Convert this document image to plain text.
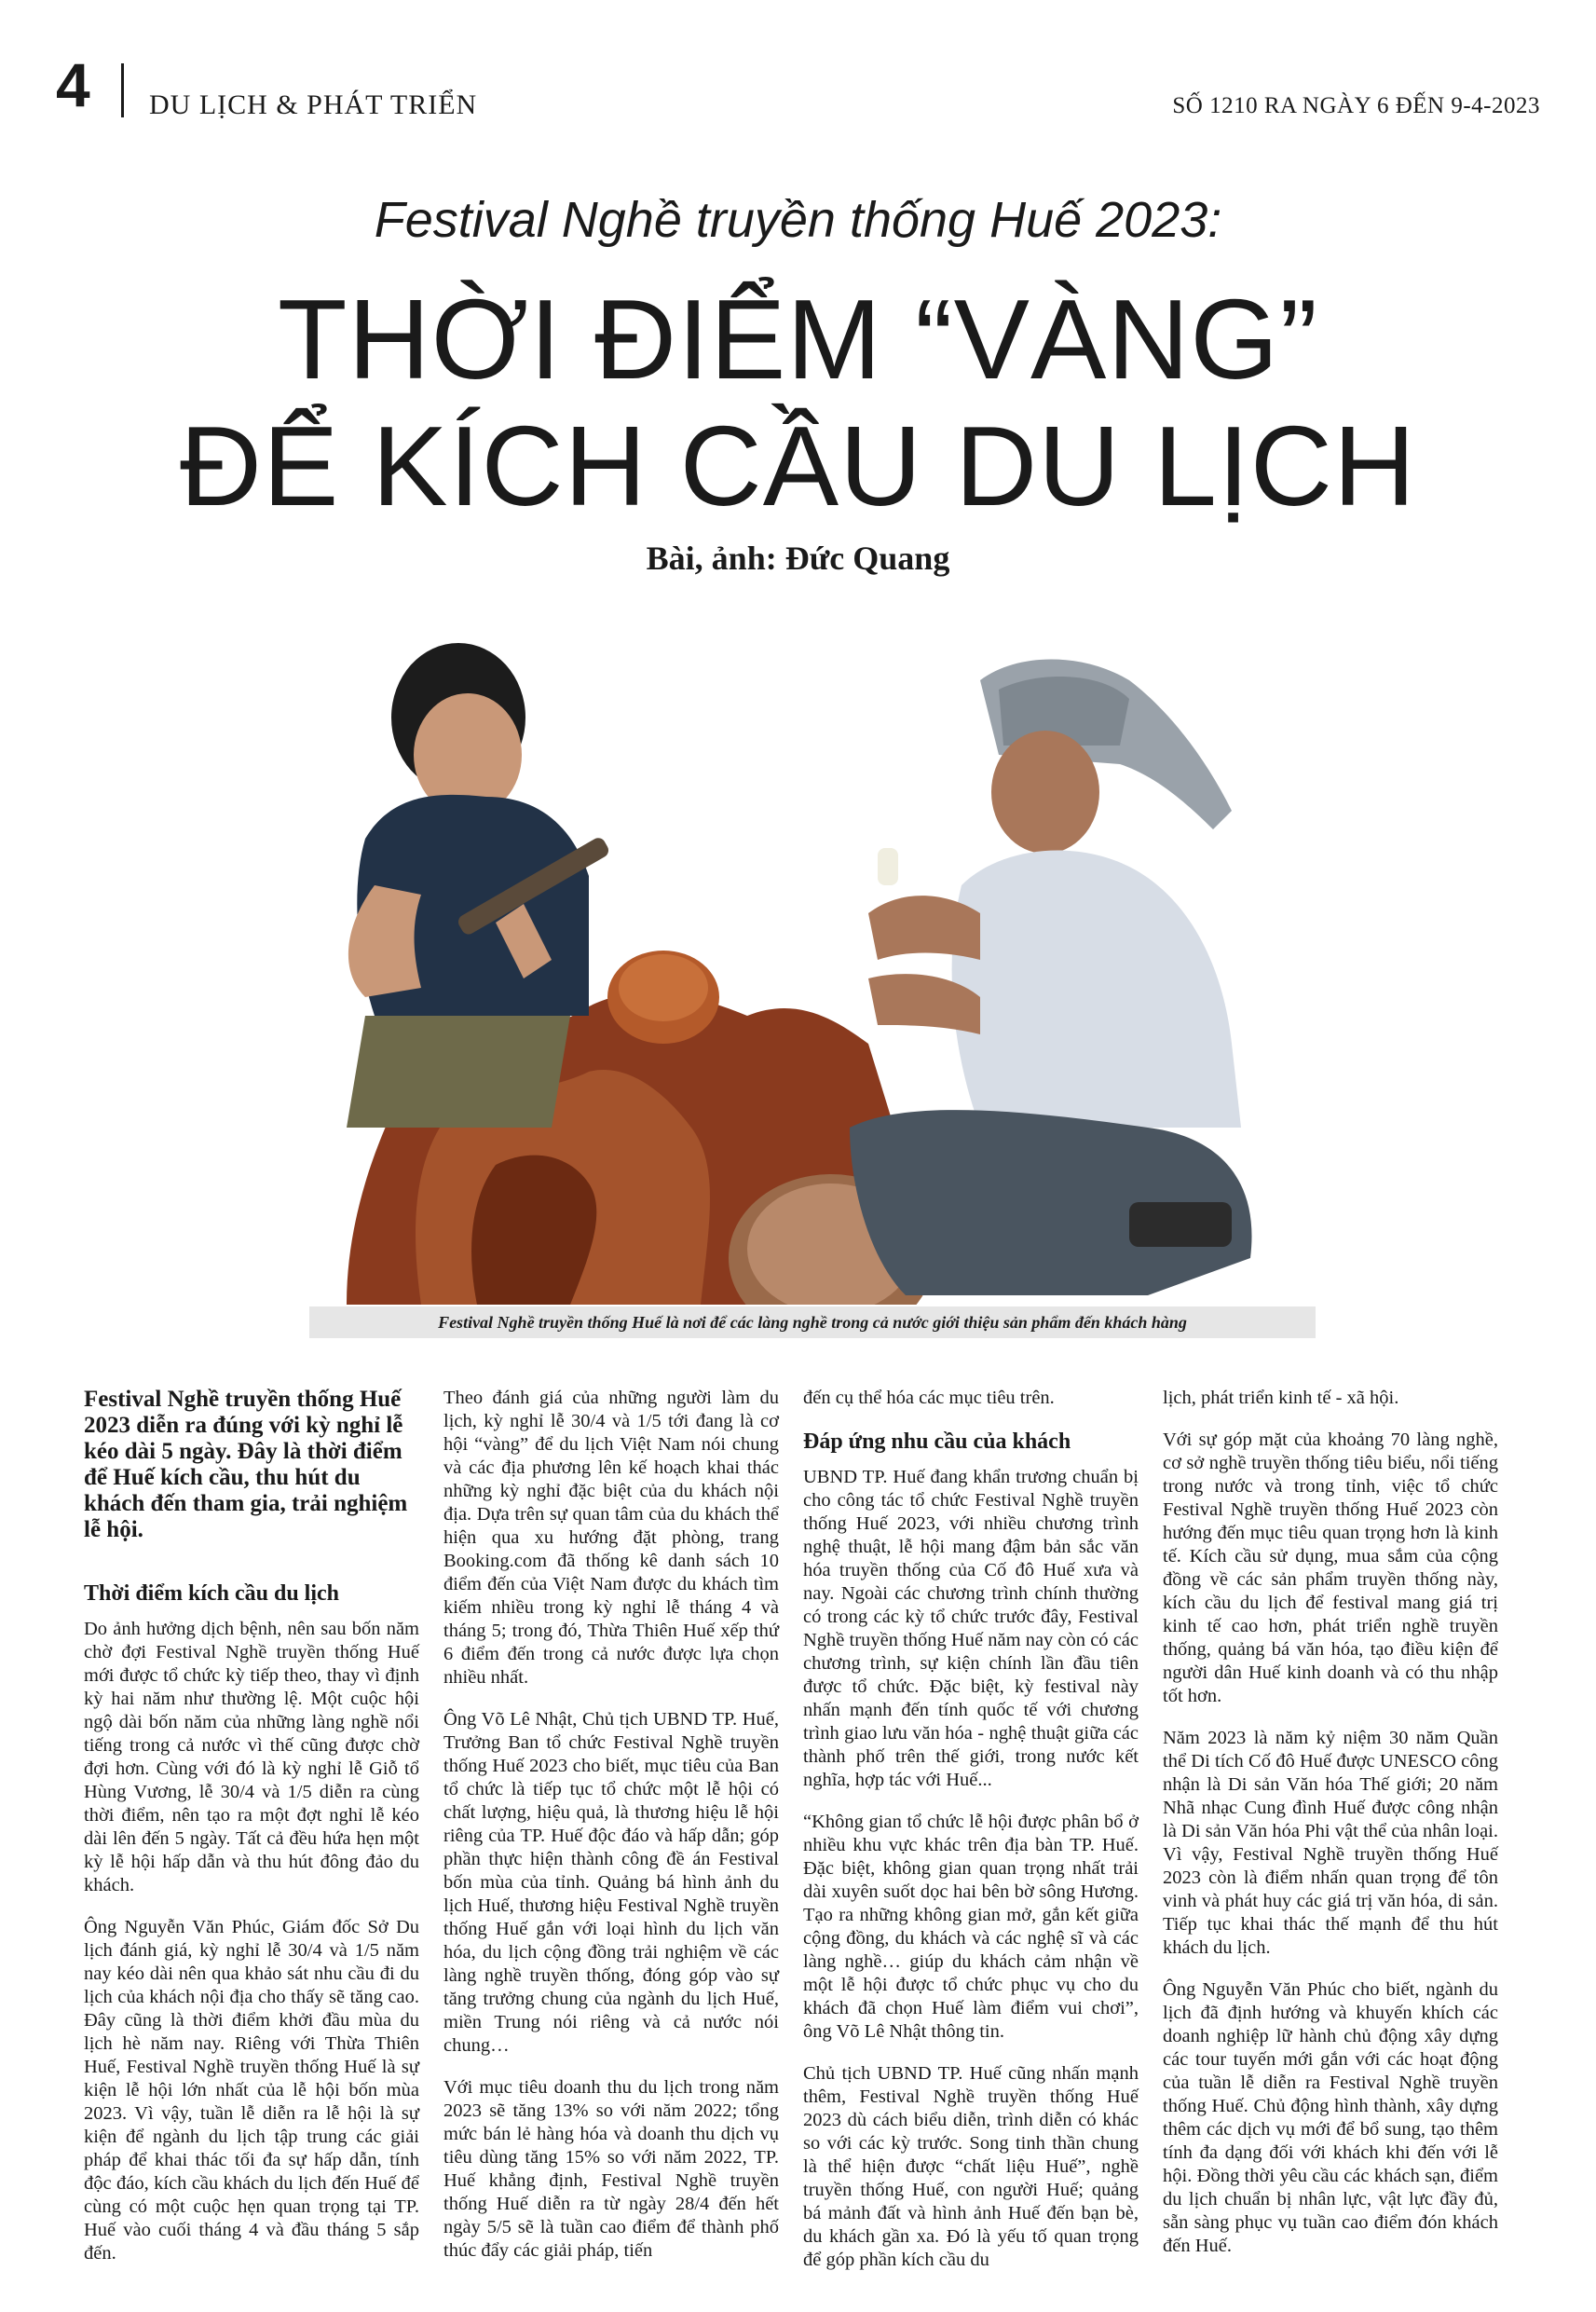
4 DU LỊCH & PHÁT TRIỂN	SỐ 1210 RA NGÀY 6 ĐẾN 9-4-2023
Festival Nghề truyền thống Huế 2023:
THỜI ĐIỂM “VÀNG”
ĐỂ KÍCH CẦU DU LỊCH
Bài, ảnh: Đức Quang
Festival Nghề truyền thống Huế là nơi để các làng nghề trong cả nước giới thiệu sản phẩm đến khách hàng

Festival Nghề truyền thống Huế 2023 diễn ra đúng với kỳ nghỉ lễ kéo dài 5 ngày. Đây là thời điểm để Huế kích cầu, thu hút du khách đến tham gia, trải nghiệm lễ hội.

Thời điểm kích cầu du lịch

Do ảnh hưởng dịch bệnh, nên sau bốn năm chờ đợi Festival Nghề truyền thống Huế mới được tổ chức kỳ tiếp theo, thay vì định kỳ hai năm như thường lệ. Một cuộc hội ngộ dài bốn năm của những làng nghề nổi tiếng trong cả nước vì thế cũng được chờ đợi hơn. Cùng với đó là kỳ nghỉ lễ Giỗ tổ Hùng Vương, lễ 30/4 và 1/5 diễn ra cùng thời điểm, nên tạo ra một đợt nghỉ lễ kéo dài lên đến 5 ngày. Tất cả đều hứa hẹn một kỳ lễ hội hấp dẫn và thu hút đông đảo du khách.

Ông Nguyễn Văn Phúc, Giám đốc Sở Du lịch đánh giá, kỳ nghỉ lễ 30/4 và 1/5 năm nay kéo dài nên qua khảo sát nhu cầu đi du lịch của khách nội địa cho thấy sẽ tăng cao. Đây cũng là thời điểm khởi đầu mùa du lịch hè năm nay. Riêng với Thừa Thiên Huế, Festival Nghề truyền thống Huế là sự kiện lễ hội lớn nhất của lễ hội bốn mùa 2023. Vì vậy, tuần lễ diễn ra lễ hội là sự kiện để ngành du lịch tập trung các giải pháp để khai thác tối đa sự hấp dẫn, tính độc đáo, kích cầu khách du lịch đến Huế để cùng có một cuộc hẹn quan trọng tại TP. Huế vào cuối tháng 4 và đầu tháng 5 sắp đến.

Theo đánh giá của những người làm du lịch, kỳ nghỉ lễ 30/4 và 1/5 tới đang là cơ hội “vàng” để du lịch Việt Nam nói chung và các địa phương lên kế hoạch khai thác những kỳ nghỉ đặc biệt của du khách nội địa. Dựa trên sự quan tâm của du khách thể hiện qua xu hướng đặt phòng, trang Booking.com đã thống kê danh sách 10 điểm đến của Việt Nam được du khách tìm kiếm nhiều trong kỳ nghỉ lễ tháng 4 và tháng 5; trong đó, Thừa Thiên Huế xếp thứ 6 điểm đến trong cả nước được lựa chọn nhiều nhất.

Ông Võ Lê Nhật, Chủ tịch UBND TP. Huế, Trưởng Ban tổ chức Festival Nghề truyền thống Huế 2023 cho biết, mục tiêu của Ban tổ chức là tiếp tục tổ chức một lễ hội có chất lượng, hiệu quả, là thương hiệu lễ hội riêng của TP. Huế độc đáo và hấp dẫn; góp phần thực hiện thành công đề án Festival bốn mùa của tỉnh. Quảng bá hình ảnh du lịch Huế, thương hiệu Festival Nghề truyền thống Huế gắn với loại hình du lịch văn hóa, du lịch cộng đồng trải nghiệm về các làng nghề truyền thống, đóng góp vào sự tăng trưởng chung của ngành du lịch Huế, miền Trung nói riêng và cả nước nói chung…

Với mục tiêu doanh thu du lịch trong năm 2023 sẽ tăng 13% so với năm 2022; tổng mức bán lẻ hàng hóa và doanh thu dịch vụ tiêu dùng tăng 15% so với năm 2022, TP. Huế khẳng định, Festival Nghề truyền thống Huế diễn ra từ ngày 28/4 đến hết ngày 5/5 sẽ là tuần cao điểm để thành phố thúc đẩy các giải pháp, tiến

đến cụ thể hóa các mục tiêu trên.

Đáp ứng nhu cầu của khách

UBND TP. Huế đang khẩn trương chuẩn bị cho công tác tổ chức Festival Nghề truyền thống Huế 2023, với nhiều chương trình nghệ thuật, lễ hội mang đậm bản sắc văn hóa truyền thống của Cố đô Huế xưa và nay. Ngoài các chương trình chính thường có trong các kỳ tổ chức trước đây, Festival Nghề truyền thống Huế năm nay còn có các chương trình, sự kiện chính lần đầu tiên được tổ chức. Đặc biệt, kỳ festival này nhấn mạnh đến tính quốc tế với chương trình giao lưu văn hóa - nghệ thuật giữa các thành phố trên thế giới, trong nước kết nghĩa, hợp tác với Huế...

“Không gian tổ chức lễ hội được phân bổ ở nhiều khu vực khác trên địa bàn TP. Huế. Đặc biệt, không gian quan trọng nhất trải dài xuyên suốt dọc hai bên bờ sông Hương. Tạo ra những không gian mở, gắn kết giữa cộng đồng, du khách và các nghệ sĩ và các làng nghề… giúp du khách cảm nhận về một lễ hội được tổ chức phục vụ cho du khách đã chọn Huế làm điểm vui chơi”, ông Võ Lê Nhật thông tin.

Chủ tịch UBND TP. Huế cũng nhấn mạnh thêm, Festival Nghề truyền thống Huế 2023 dù cách biểu diễn, trình diễn có khác so với các kỳ trước. Song tinh thần chung là thể hiện được “chất liệu Huế”, nghề truyền thống Huế, con người Huế; quảng bá mảnh đất và hình ảnh Huế đến bạn bè, du khách gần xa. Đó là yếu tố quan trọng để góp phần kích cầu du

lịch, phát triển kinh tế - xã hội.

Với sự góp mặt của khoảng 70 làng nghề, cơ sở nghề truyền thống tiêu biểu, nổi tiếng trong nước và trong tỉnh, việc tổ chức Festival Nghề truyền thống Huế 2023 còn hướng đến mục tiêu quan trọng hơn là kinh tế. Kích cầu sử dụng, mua sắm của cộng đồng về các sản phẩm truyền thống này, kích cầu du lịch để festival mang giá trị kinh tế cao hơn, phát triển nghề truyền thống, quảng bá văn hóa, tạo điều kiện để người dân Huế kinh doanh và có thu nhập tốt hơn.

Năm 2023 là năm kỷ niệm 30 năm Quần thể Di tích Cố đô Huế được UNESCO công nhận là Di sản Văn hóa Thế giới; 20 năm Nhã nhạc Cung đình Huế được công nhận là Di sản Văn hóa Phi vật thể của nhân loại. Vì vậy, Festival Nghề truyền thống Huế 2023 còn là điểm nhấn quan trọng để tôn vinh và phát huy các giá trị văn hóa, di sản. Tiếp tục khai thác thế mạnh để thu hút khách du lịch.

Ông Nguyễn Văn Phúc cho biết, ngành du lịch đã định hướng và khuyến khích các doanh nghiệp lữ hành chủ động xây dựng các tour tuyến mới gắn với các hoạt động của tuần lễ diễn ra Festival Nghề truyền thống Huế. Chủ động hình thành, xây dựng thêm các dịch vụ mới để bổ sung, tạo thêm tính đa dạng đối với khách khi đến với lễ hội. Đồng thời yêu cầu các khách sạn, điểm du lịch chuẩn bị nhân lực, vật lực đầy đủ, sẵn sàng phục vụ tuần cao điểm đón khách đến Huế.
